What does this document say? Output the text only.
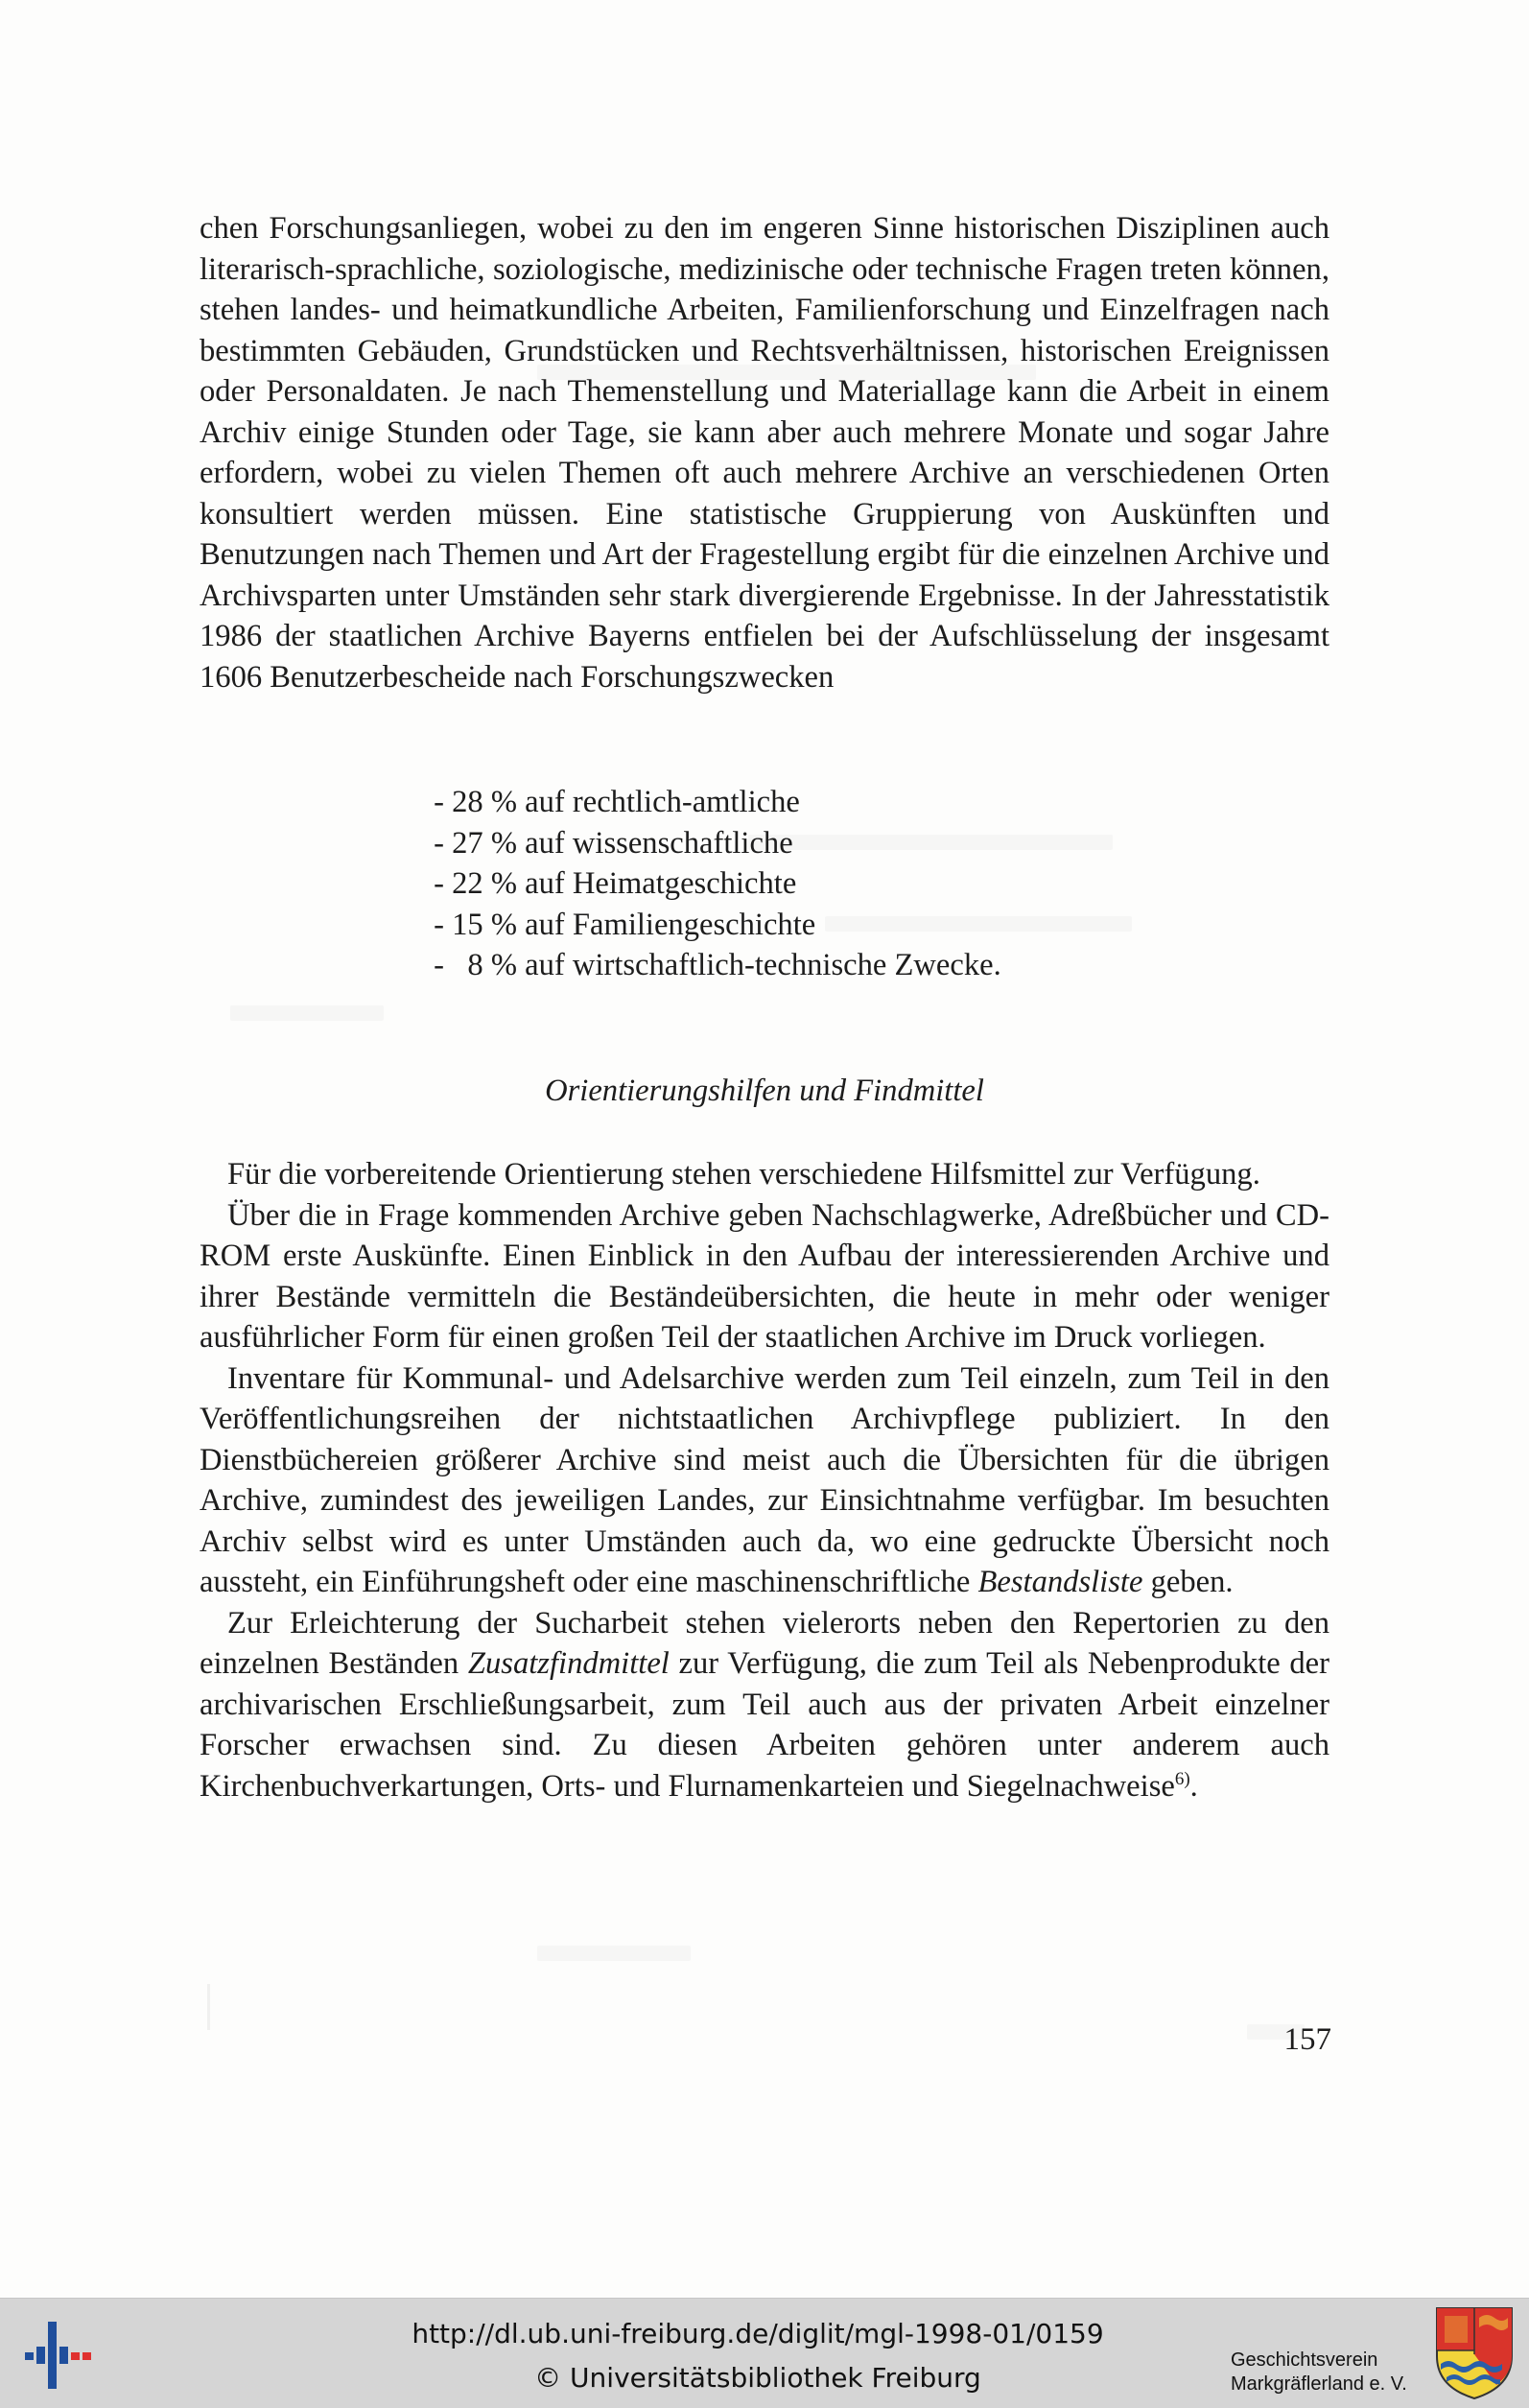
chen Forschungsanliegen, wobei zu den im engeren Sinne historischen Disziplinen auch literarisch-sprachliche, soziologische, medizinische oder technische Fragen treten können, stehen landes- und heimatkundliche Arbeiten, Familienforschung und Einzelfragen nach bestimmten Gebäuden, Grundstücken und Rechtsverhältnissen, historischen Ereignissen oder Personaldaten. Je nach Themenstellung und Materiallage kann die Arbeit in einem Archiv einige Stunden oder Tage, sie kann aber auch mehrere Monate und sogar Jahre erfordern, wobei zu vielen Themen oft auch mehrere Archive an verschiedenen Orten konsultiert werden müssen. Eine statistische Gruppierung von Auskünften und Benutzungen nach Themen und Art der Fragestellung ergibt für die einzelnen Archive und Archivsparten unter Umständen sehr stark divergierende Ergebnisse. In der Jahresstatistik 1986 der staatlichen Archive Bayerns entfielen bei der Aufschlüsselung der insgesamt 1606 Benutzerbescheide nach Forschungszwecken

- 28 % auf rechtlich-amtliche
- 27 % auf wissenschaftliche
- 22 % auf Heimatgeschichte
- 15 % auf Familiengeschichte
-   8 % auf wirtschaftlich-technische Zwecke.
Orientierungshilfen und Findmittel

Für die vorbereitende Orientierung stehen verschiedene Hilfsmittel zur Verfügung.

Über die in Frage kommenden Archive geben Nachschlagwerke, Adreßbücher und CD-ROM erste Auskünfte. Einen Einblick in den Aufbau der interessierenden Archive und ihrer Bestände vermitteln die Beständeübersichten, die heute in mehr oder weniger ausführlicher Form für einen großen Teil der staatlichen Archive im Druck vorliegen.

Inventare für Kommunal- und Adelsarchive werden zum Teil einzeln, zum Teil in den Veröffentlichungsreihen der nichtstaatlichen Archivpflege publiziert. In den Dienstbüchereien größerer Archive sind meist auch die Übersichten für die übrigen Archive, zumindest des jeweiligen Landes, zur Einsichtnahme verfügbar. Im besuchten Archiv selbst wird es unter Umständen auch da, wo eine gedruckte Übersicht noch aussteht, ein Einführungsheft oder eine maschinenschriftliche Bestandsliste geben.

Zur Erleichterung der Sucharbeit stehen vielerorts neben den Repertorien zu den einzelnen Beständen Zusatzfindmittel zur Verfügung, die zum Teil als Nebenprodukte der archivarischen Erschließungsarbeit, zum Teil auch aus der privaten Arbeit einzelner Forscher erwachsen sind. Zu diesen Arbeiten gehören unter anderem auch Kirchenbuchverkartungen, Orts- und Flurnamenkarteien und Siegelnachweise$^{6)}$.

157
http://dl.ub.uni-freiburg.de/diglit/mgl-1998-01/0159
© Universitätsbibliothek Freiburg
Geschichtsverein
Markgräflerland e. V.
